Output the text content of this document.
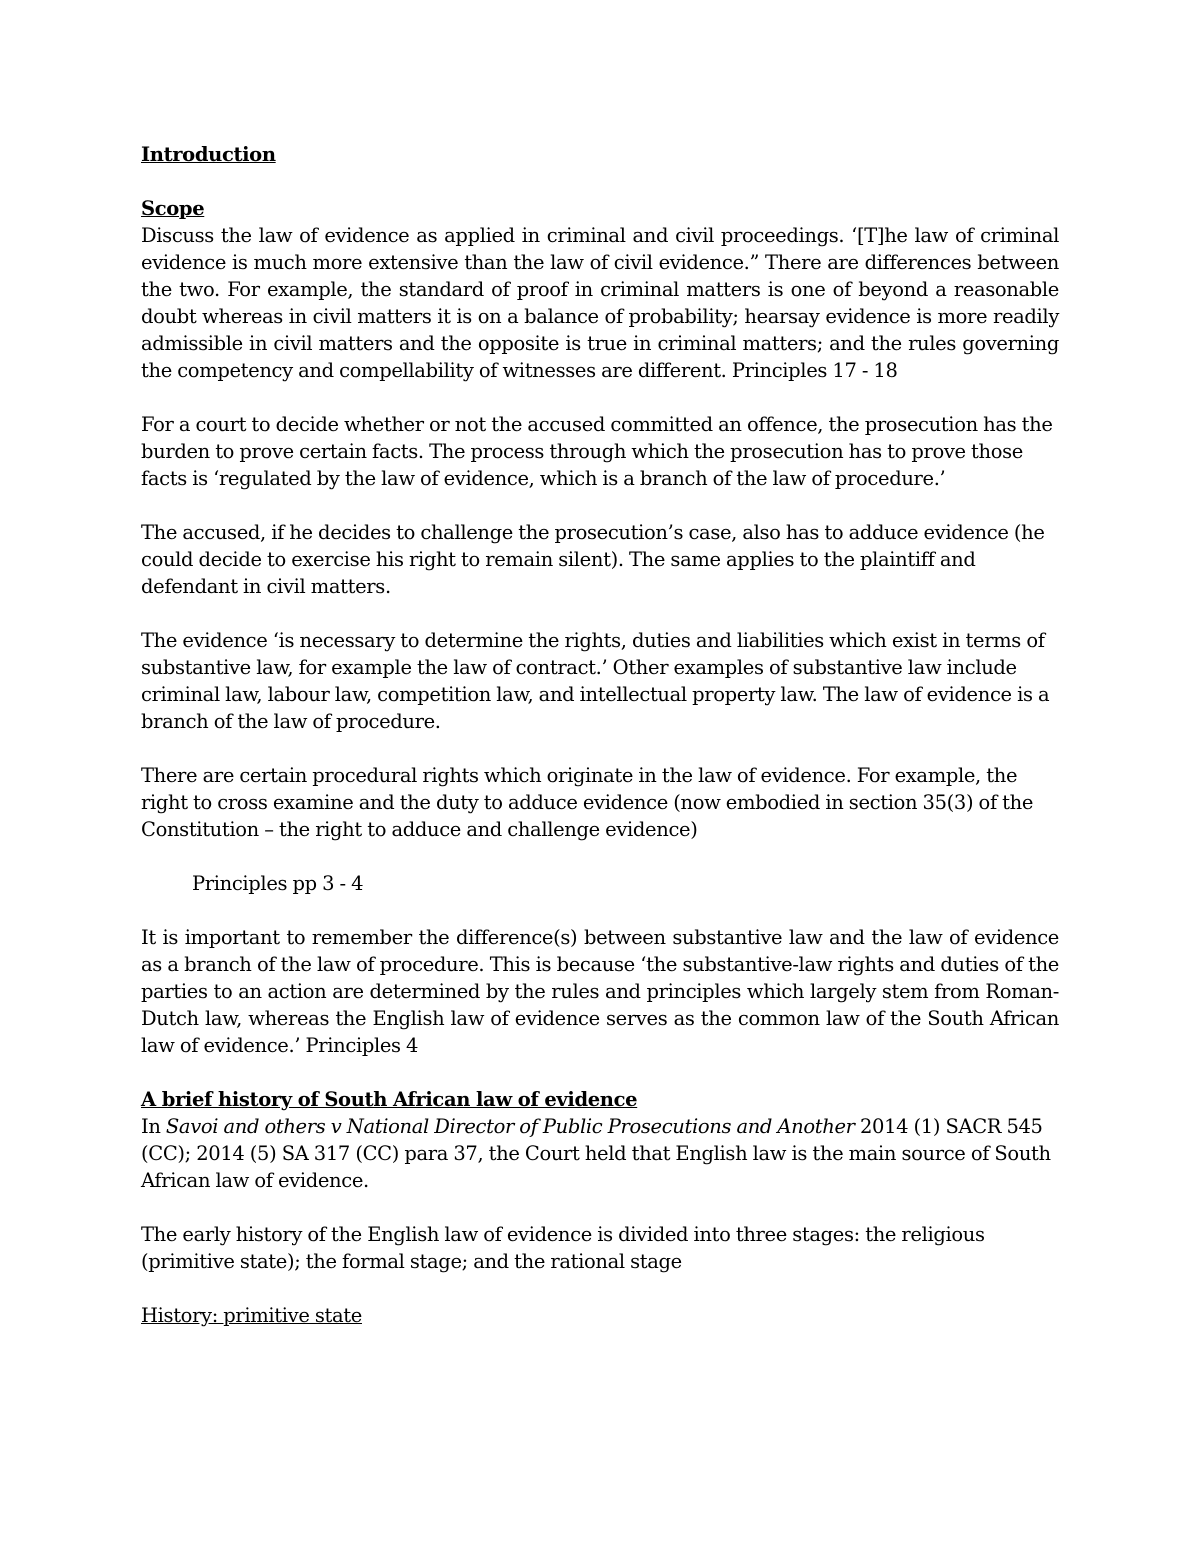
Introduction

Scope

Discuss the law of evidence as applied in criminal and civil proceedings. ‘[T]he law of criminal evidence is much more extensive than the law of civil evidence.” There are differences between the two. For example, the standard of proof in criminal matters is one of beyond a reasonable doubt whereas in civil matters it is on a balance of probability; hearsay evidence is more readily admissible in civil matters and the opposite is true in criminal matters; and the rules governing the competency and compellability of witnesses are different. Principles 17 - 18

For a court to decide whether or not the accused committed an offence, the prosecution has the burden to prove certain facts. The process through which the prosecution has to prove those facts is ‘regulated by the law of evidence, which is a branch of the law of procedure.’

The accused, if he decides to challenge the prosecution’s case, also has to adduce evidence (he could decide to exercise his right to remain silent). The same applies to the plaintiff and defendant in civil matters.

The evidence ‘is necessary to determine the rights, duties and liabilities which exist in terms of substantive law, for example the law of contract.’ Other examples of substantive law include criminal law, labour law, competition law, and intellectual property law. The law of evidence is a branch of the law of procedure.

There are certain procedural rights which originate in the law of evidence. For example, the right to cross examine and the duty to adduce evidence (now embodied in section 35(3) of the Constitution – the right to adduce and challenge evidence)

Principles pp 3 - 4

It is important to remember the difference(s) between substantive law and the law of evidence as a branch of the law of procedure. This is because ‘the substantive-law rights and duties of the parties to an action are determined by the rules and principles which largely stem from Roman-Dutch law, whereas the English law of evidence serves as the common law of the South African law of evidence.’ Principles 4

A brief history of South African law of evidence

In Savoi and others v National Director of Public Prosecutions and Another 2014 (1) SACR 545 (CC); 2014 (5) SA 317 (CC) para 37, the Court held that English law is the main source of South African law of evidence.

The early history of the English law of evidence is divided into three stages: the religious (primitive state); the formal stage; and the rational stage

History: primitive state
